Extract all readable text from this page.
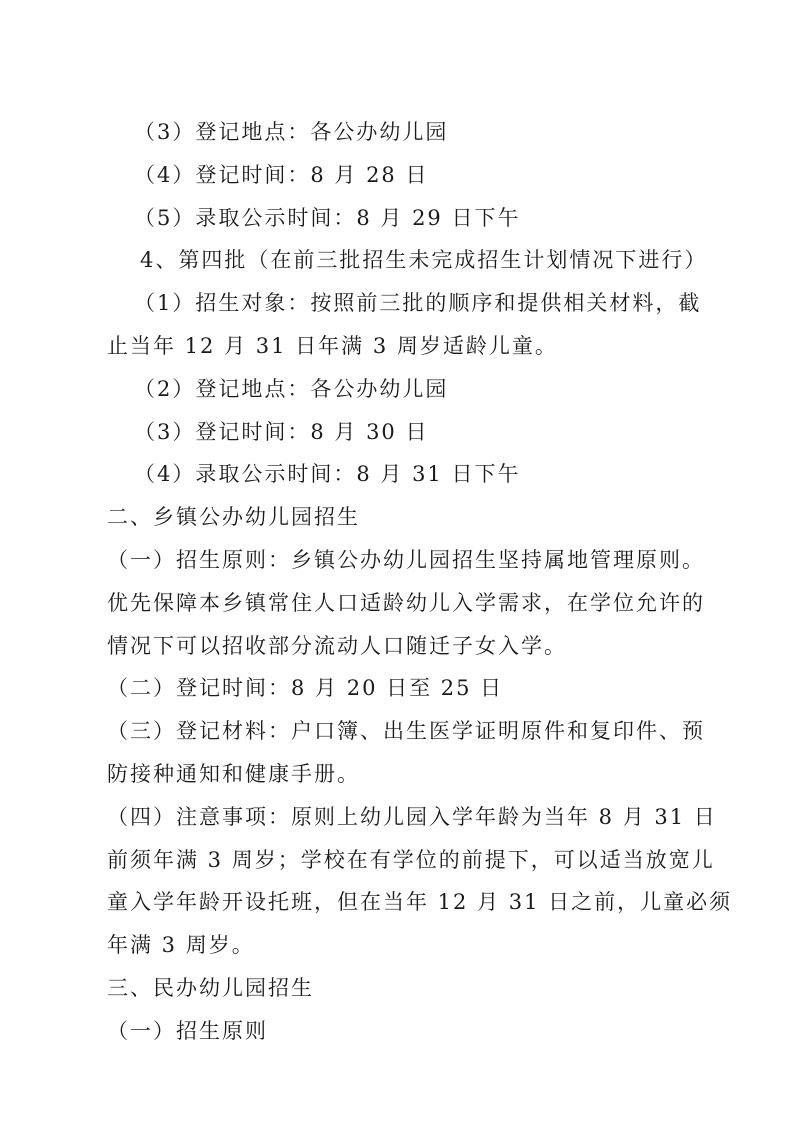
（3）登记地点：各公办幼儿园
（4）登记时间：8 月 28 日
（5）录取公示时间：8 月 29 日下午
4、第四批（在前三批招生未完成招生计划情况下进行）
（1）招生对象：按照前三批的顺序和提供相关材料，截
止当年 12 月 31 日年满 3 周岁适龄儿童。
（2）登记地点：各公办幼儿园
（3）登记时间：8 月 30 日
（4）录取公示时间：8 月 31 日下午
二、乡镇公办幼儿园招生
（一）招生原则：乡镇公办幼儿园招生坚持属地管理原则。
优先保障本乡镇常住人口适龄幼儿入学需求，在学位允许的
情况下可以招收部分流动人口随迁子女入学。
（二）登记时间：8 月 20 日至 25 日
（三）登记材料：户口簿、出生医学证明原件和复印件、预
防接种通知和健康手册。
（四）注意事项：原则上幼儿园入学年龄为当年 8 月 31 日
前须年满 3 周岁；学校在有学位的前提下，可以适当放宽儿
童入学年龄开设托班，但在当年 12 月 31 日之前，儿童必须
年满 3 周岁。
三、民办幼儿园招生
（一）招生原则
